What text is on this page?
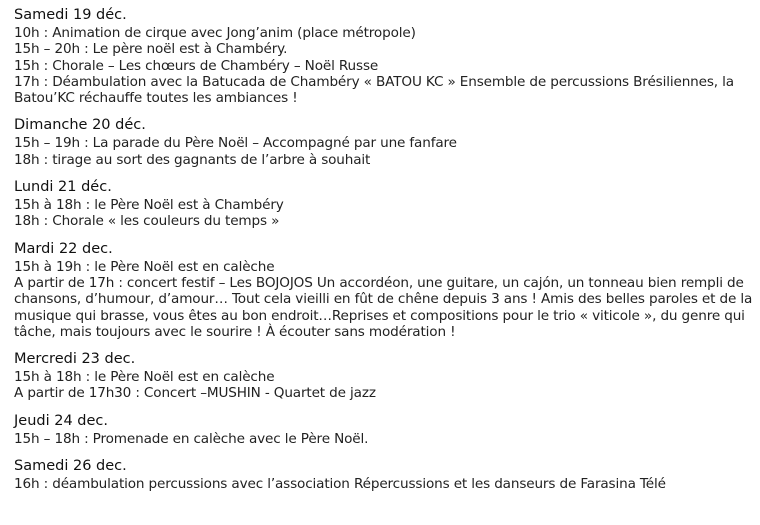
Samedi 19 déc.
10h : Animation de cirque avec Jong’anim (place métropole)
15h – 20h : Le père noël est à Chambéry.
15h : Chorale – Les chœurs de Chambéry – Noël Russe
17h : Déambulation avec la Batucada de Chambéry « BATOU KC » Ensemble de percussions Brésiliennes, la Batou’KC réchauffe toutes les ambiances !
Dimanche 20 déc.
15h – 19h : La parade du Père Noël – Accompagné par une fanfare
18h : tirage au sort des gagnants de l’arbre à souhait
Lundi 21 déc.
15h à 18h : le Père Noël est à Chambéry
18h : Chorale « les couleurs du temps »
Mardi 22 dec.
15h à 19h : le Père Noël est en calèche
A partir de 17h : concert festif – Les BOJOJOS Un accordéon, une guitare, un cajón, un tonneau bien rempli de chansons, d’humour, d’amour… Tout cela vieilli en fût de chêne depuis 3 ans ! Amis des belles paroles et de la musique qui brasse, vous êtes au bon endroit…Reprises et compositions pour le trio « viticole », du genre qui tâche, mais toujours avec le sourire ! À écouter sans modération !
Mercredi 23 dec.
15h à 18h : le Père Noël est en calèche
A partir de 17h30 : Concert –MUSHIN - Quartet de jazz
Jeudi 24 dec.
15h – 18h : Promenade en calèche avec le Père Noël.
Samedi 26 dec.
16h : déambulation percussions avec l’association Répercussions et les danseurs de Farasina Télé
